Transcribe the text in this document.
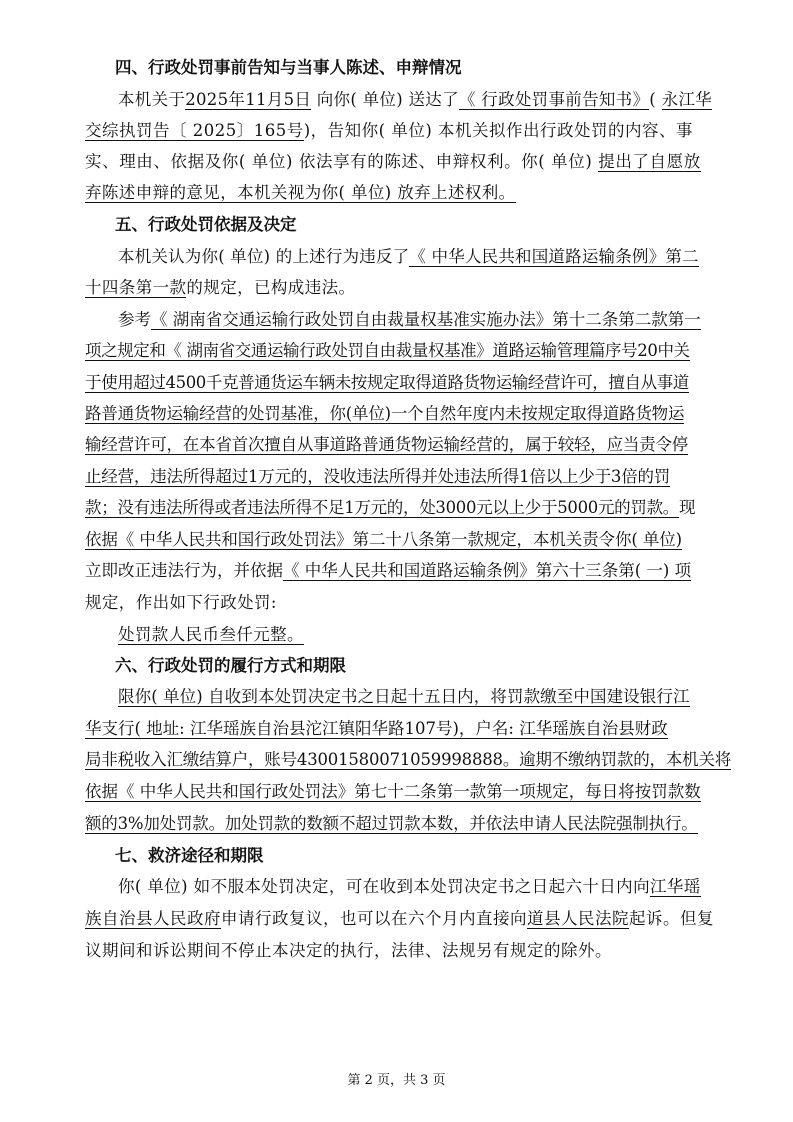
四、行政处罚事前告知与当事人陈述、申辩情况
本机关于2025年11月5日 向你( 单位) 送达了《 行政处罚事前告知书》( 永江华
交综执罚告〔 2025〕165号)，告知你( 单位) 本机关拟作出行政处罚的内容、事
实、理由、依据及你( 单位) 依法享有的陈述、申辩权利。你( 单位) 提出了自愿放
弃陈述申辩的意见，本机关视为你( 单位) 放弃上述权利。
五、行政处罚依据及决定
本机关认为你( 单位) 的上述行为违反了《 中华人民共和国道路运输条例》第二
十四条第一款的规定，已构成违法。
参考《 湖南省交通运输行政处罚自由裁量权基准实施办法》第十二条第二款第一
项之规定和《 湖南省交通运输行政处罚自由裁量权基准》道路运输管理篇序号20中关
于使用超过4500千克普通货运车辆未按规定取得道路货物运输经营许可，擅自从事道
路普通货物运输经营的处罚基准，你(单位)一个自然年度内未按规定取得道路货物运
输经营许可，在本省首次擅自从事道路普通货物运输经营的，属于较轻，应当责令停
止经营，违法所得超过1万元的，没收违法所得并处违法所得1倍以上少于3倍的罚
款；没有违法所得或者违法所得不足1万元的，处3000元以上少于5000元的罚款。现
依据《 中华人民共和国行政处罚法》第二十八条第一款规定，本机关责令你( 单位)
立即改正违法行为，并依据《 中华人民共和国道路运输条例》第六十三条第( 一) 项
规定，作出如下行政处罚:
处罚款人民币叁仟元整。
六、行政处罚的履行方式和期限
限你( 单位) 自收到本处罚决定书之日起十五日内，将罚款缴至中国建设银行江
华支行( 地址: 江华瑶族自治县沱江镇阳华路107号)，户名: 江华瑶族自治县财政
局非税收入汇缴结算户，账号43001580071059998888。逾期不缴纳罚款的，本机关将
依据《 中华人民共和国行政处罚法》第七十二条第一款第一项规定，每日将按罚款数
额的3%加处罚款。加处罚款的数额不超过罚款本数，并依法申请人民法院强制执行。
七、救济途径和期限
你( 单位) 如不服本处罚决定，可在收到本处罚决定书之日起六十日内向江华瑶
族自治县人民政府申请行政复议，也可以在六个月内直接向道县人民法院起诉。但复
议期间和诉讼期间不停止本决定的执行，法律、法规另有规定的除外。
第 2 页，共 3 页
